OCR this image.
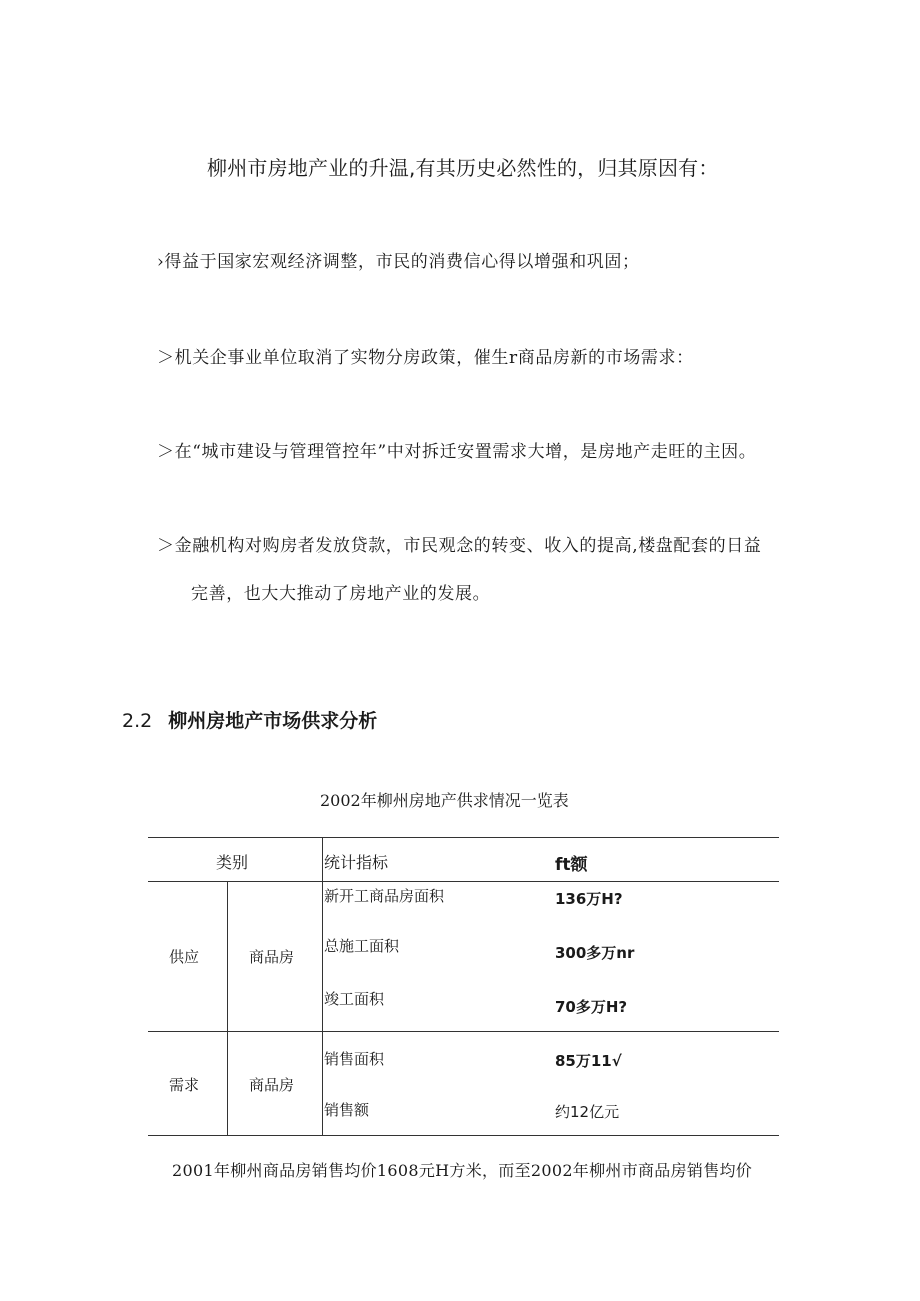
柳州市房地产业的升温,有其历史必然性的，归其原因有：
›得益于国家宏观经济调整，市民的消费信心得以增强和巩固；
＞机关企事业单位取消了实物分房政策，催生r商品房新的市场需求：
＞在“城市建设与管理管控年”中对拆迁安置需求大增，是房地产走旺的主因。
＞金融机构对购房者发放贷款，市民观念的转变、收入的提高,楼盘配套的日益
完善，也大大推动了房地产业的发展。
2.2 柳州房地产市场供求分析
2002年柳州房地产供求情况一览表
类别	统计指标	ft额
供应	商品房
新开工商品房面积	136万H?
总施工面积	300多万nr
竣工面积	70多万H?
需求	商品房
销售面积	85万11√
销售额	约12亿元
2001年柳州商品房销售均价1608元H方米，而至2002年柳州市商品房销售均价
